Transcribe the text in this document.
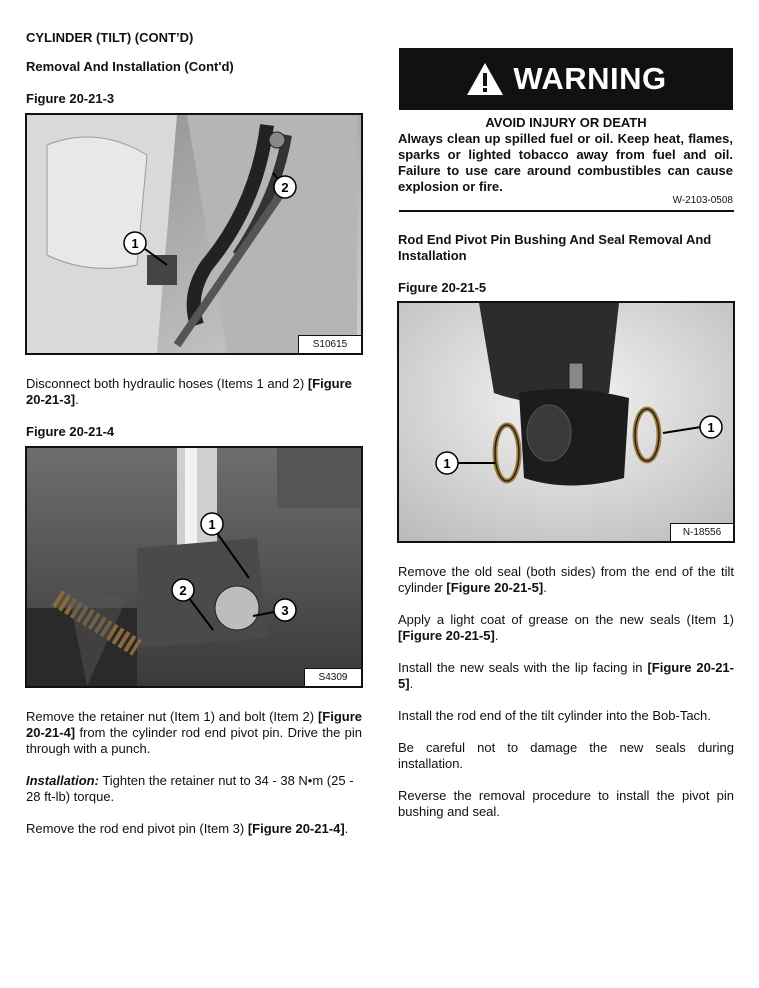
CYLINDER (TILT) (CONT’D)
Removal And Installation (Cont'd)
Figure 20-21-3
1
2
S10615
Disconnect both hydraulic hoses (Items 1 and 2) [Figure 20-21-3].
Figure 20-21-4
1
2
3
S4309
Remove the retainer nut (Item 1) and bolt (Item 2) [Figure 20-21-4] from the cylinder rod end pivot pin. Drive the pin through with a punch.
Installation: Tighten the retainer nut to 34 - 38 N•m (25 - 28 ft-lb) torque.
Remove the rod end pivot pin (Item 3) [Figure 20-21-4].
WARNING
AVOID INJURY OR DEATH
Always clean up spilled fuel or oil. Keep heat, flames, sparks or lighted tobacco away from fuel and oil. Failure to use care around combustibles can cause explosion or fire.
W-2103-0508
Rod End Pivot Pin Bushing And Seal Removal And Installation
Figure 20-21-5
1
1
N-18556
Remove the old seal (both sides) from the end of the tilt cylinder [Figure 20-21-5].
Apply a light coat of grease on the new seals (Item 1) [Figure 20-21-5].
Install the new seals with the lip facing in [Figure 20-21-5].
Install the rod end of the tilt cylinder into the Bob-Tach.
Be careful not to damage the new seals during installation.
Reverse the removal procedure to install the pivot pin bushing and seal.
